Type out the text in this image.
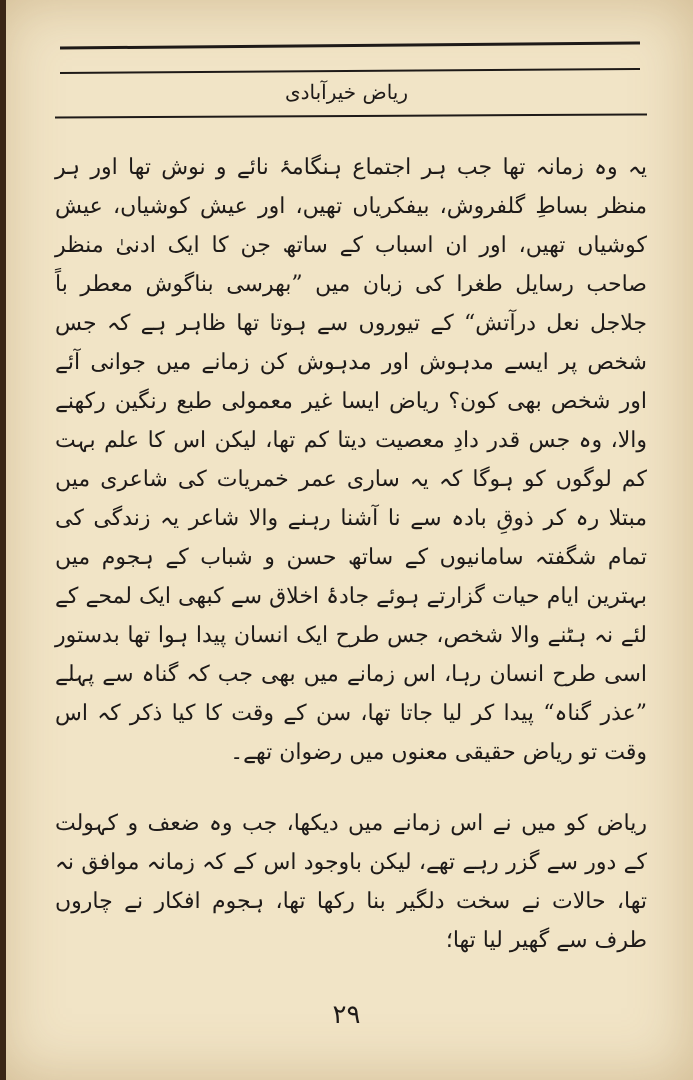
ریاض خیرآبادی

یہ وہ زمانہ تھا جب ہر اجتماع ہنگامۂ نائے و نوش تھا اور ہر منظر بساطِ گلفروش، بیفکریاں تھیں، اور عیش کوشیاں، عیش کوشیاں تھیں، اور ان اسباب کے ساتھ جن کا ایک ادنیٰ منظر صاحب رسایل طغرا کی زبان میں ”بھرسی بناگوش معطر باً جلاجل نعل درآتش“ کے تیوروں سے ہوتا تھا ظاہر ہے کہ جس شخص پر ایسے مدہوش اور مدہوش کن زمانے میں جوانی آئے اور شخص بھی کون؟ ریاض ایسا غیر معمولی طبع رنگین رکھنے والا، وہ جس قدر دادِ معصیت دیتا کم تھا، لیکن اس کا علم بہت کم لوگوں کو ہوگا کہ یہ ساری عمر خمریات کی شاعری میں مبتلا رہ کر ذوقِ بادہ سے نا آشنا رہنے والا شاعر یہ زندگی کی تمام شگفتہ سامانیوں کے ساتھ حسن و شباب کے ہجوم میں بہترین ایام حیات گزارتے ہوئے جادۂ اخلاق سے کبھی ایک لمحے کے لئے نہ ہٹنے والا شخص، جس طرح ایک انسان پیدا ہوا تھا بدستور اسی طرح انسان رہا، اس زمانے میں بھی جب کہ گناہ سے پہلے ”عذر گناہ“ پیدا کر لیا جاتا تھا، سن کے وقت کا کیا ذکر کہ اس وقت تو ریاض حقیقی معنوں میں رضوان تھے۔

ریاض کو میں نے اس زمانے میں دیکھا، جب وہ ضعف و کہولت کے دور سے گزر رہے تھے، لیکن باوجود اس کے کہ زمانہ موافق نہ تھا، حالات نے سخت دلگیر بنا رکھا تھا، ہجوم افکار نے چاروں طرف سے گھیر لیا تھا؛

۲۹
